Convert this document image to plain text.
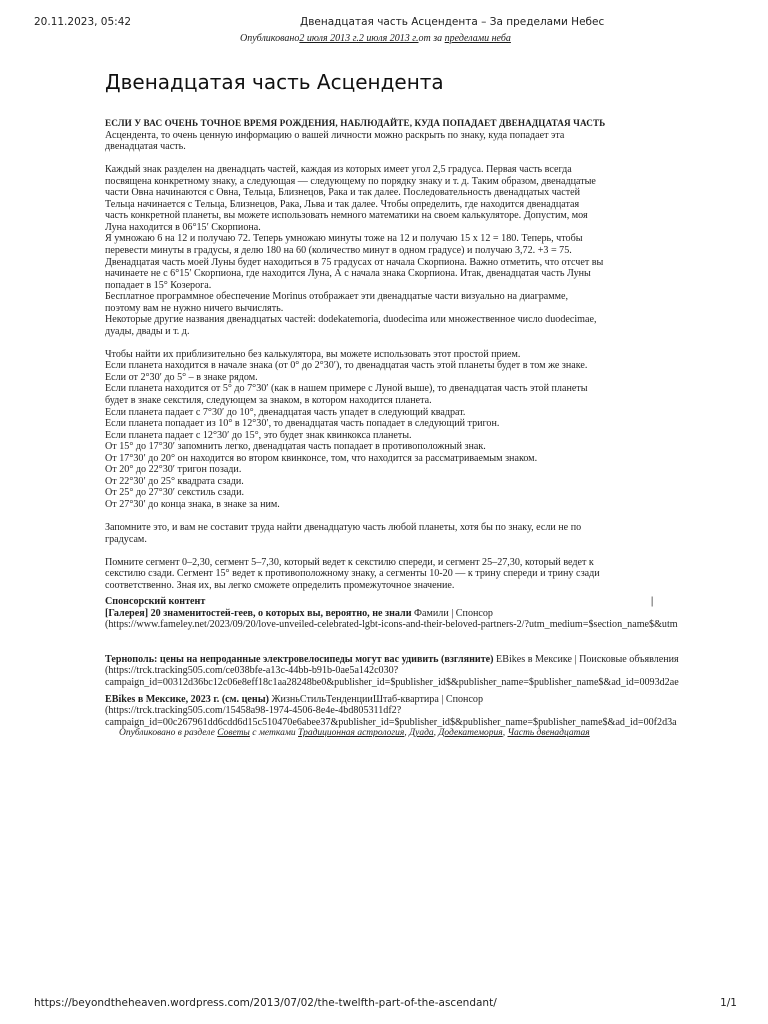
20.11.2023, 05:42	Двенадцатая часть Асцендента – За пределами Небес
Опубликовано2 июля 2013 г.2 июля 2013 г.от за пределами неба
Двенадцатая часть Асцендента
ЕСЛИ У ВАС ОЧЕНЬ ТОЧНОЕ ВРЕМЯ РОЖДЕНИЯ, НАБЛЮДАЙТЕ, КУДА ПОПАДАЕТ ДВЕНАДЦАТАЯ ЧАСТЬ
Асцендента, то очень ценную информацию о вашей личности можно раскрыть по знаку, куда попадает эта
двенадцатая часть.
Каждый знак разделен на двенадцать частей, каждая из которых имеет угол 2,5 градуса. Первая часть всегда
посвящена конкретному знаку, а следующая — следующему по порядку знаку и т. д. Таким образом, двенадцатые
части Овна начинаются с Овна, Тельца, Близнецов, Рака и так далее. Последовательность двенадцатых частей
Тельца начинается с Тельца, Близнецов, Рака, Льва и так далее. Чтобы определить, где находится двенадцатая
часть конкретной планеты, вы можете использовать немного математики на своем калькуляторе. Допустим, моя
Луна находится в 06°15′ Скорпиона.
Я умножаю 6 на 12 и получаю 72. Теперь умножаю минуты тоже на 12 и получаю 15 х 12 = 180. Теперь, чтобы
перевести минуты в градусы, я делю 180 на 60 (количество минут в одном градусе) и получаю 3,72. +3 = 75.
Двенадцатая часть моей Луны будет находиться в 75 градусах от начала Скорпиона. Важно отметить, что отсчет вы
начинаете не с 6°15′ Скорпиона, где находится Луна, А с начала знака Скорпиона. Итак, двенадцатая часть Луны
попадает в 15° Козерога.
Бесплатное программное обеспечение Morinus отображает эти двенадцатые части визуально на диаграмме,
поэтому вам не нужно ничего вычислять.
Некоторые другие названия двенадцатых частей: dodekatemoria, duodecima или множественное число duodecimae,
дуады, двады и т. д.
Чтобы найти их приблизительно без калькулятора, вы можете использовать этот простой прием.
Если планета находится в начале знака (от 0° до 2°30′), то двенадцатая часть этой планеты будет в том же знаке.
Если от 2°30′ до 5° – в знаке рядом.
Если планета находится от 5° до 7°30′ (как в нашем примере с Луной выше), то двенадцатая часть этой планеты
будет в знаке секстиля, следующем за знаком, в котором находится планета.
Если планета падает с 7°30′ до 10°, двенадцатая часть упадет в следующий квадрат.
Если планета попадает из 10° в 12°30′, то двенадцатая часть попадает в следующий тригон.
Если планета падает с 12°30′ до 15°, это будет знак квинкокса планеты.
От 15° до 17°30′ запомнить легко, двенадцатая часть попадает в противоположный знак.
От 17°30′ до 20° он находится во втором квинконсе, том, что находится за рассматриваемым знаком.
От 20° до 22°30′ тригон позади.
От 22°30′ до 25° квадрата сзади.
От 25° до 27°30′ секстиль сзади.
От 27°30′ до конца знака, в знаке за ним.
Запомните это, и вам не составит труда найти двенадцатую часть любой планеты, хотя бы по знаку, если не по
градусам.
Помните сегмент 0–2,30, сегмент 5–7,30, который ведет к секстилю спереди, и сегмент 25–27,30, который ведет к
секстилю сзади. Сегмент 15° ведет к противоположному знаку, а сегменты 10-20 — к трину спереди и трину сзади
соответственно. Зная их, вы легко сможете определить промежуточное значение.
Спонсорский контент	|
[Галерея] 20 знаменитостей-геев, о которых вы, вероятно, не знали Фамили | Спонсор
(https://www.fameley.net/2023/09/20/love-unveiled-celebrated-lgbt-icons-and-their-beloved-partners-2/?utm_medium=$section_name$&utm
Тернополь: цены на непроданные электровелосипеды могут вас удивить (взгляните) EBikes в Мексике | Поисковые объявления
(https://trck.tracking505.com/ce038bfe-a13c-44bb-b91b-0ae5a142c030?
campaign_id=00312d36bc12c06e8eff18c1aa28248be0&publisher_id=$publisher_id$&publisher_name=$publisher_name$&ad_id=0093d2ae
EBikes в Мексике, 2023 г. (см. цены) ЖизньСтильТенденцииШтаб-квартира | Спонсор
(https://trck.tracking505.com/15458a98-1974-4506-8e4e-4bd805311df2?
campaign_id=00c267961dd6cdd6d15c510470e6abee37&publisher_id=$publisher_id$&publisher_name=$publisher_name$&ad_id=00f2d3a
Опубликовано в разделе Советы с метками Традиционная астрология, Дуада, Додекатемория, Часть двенадцатая
https://beyondtheheaven.wordpress.com/2013/07/02/the-twelfth-part-of-the-ascendant/	1/1
